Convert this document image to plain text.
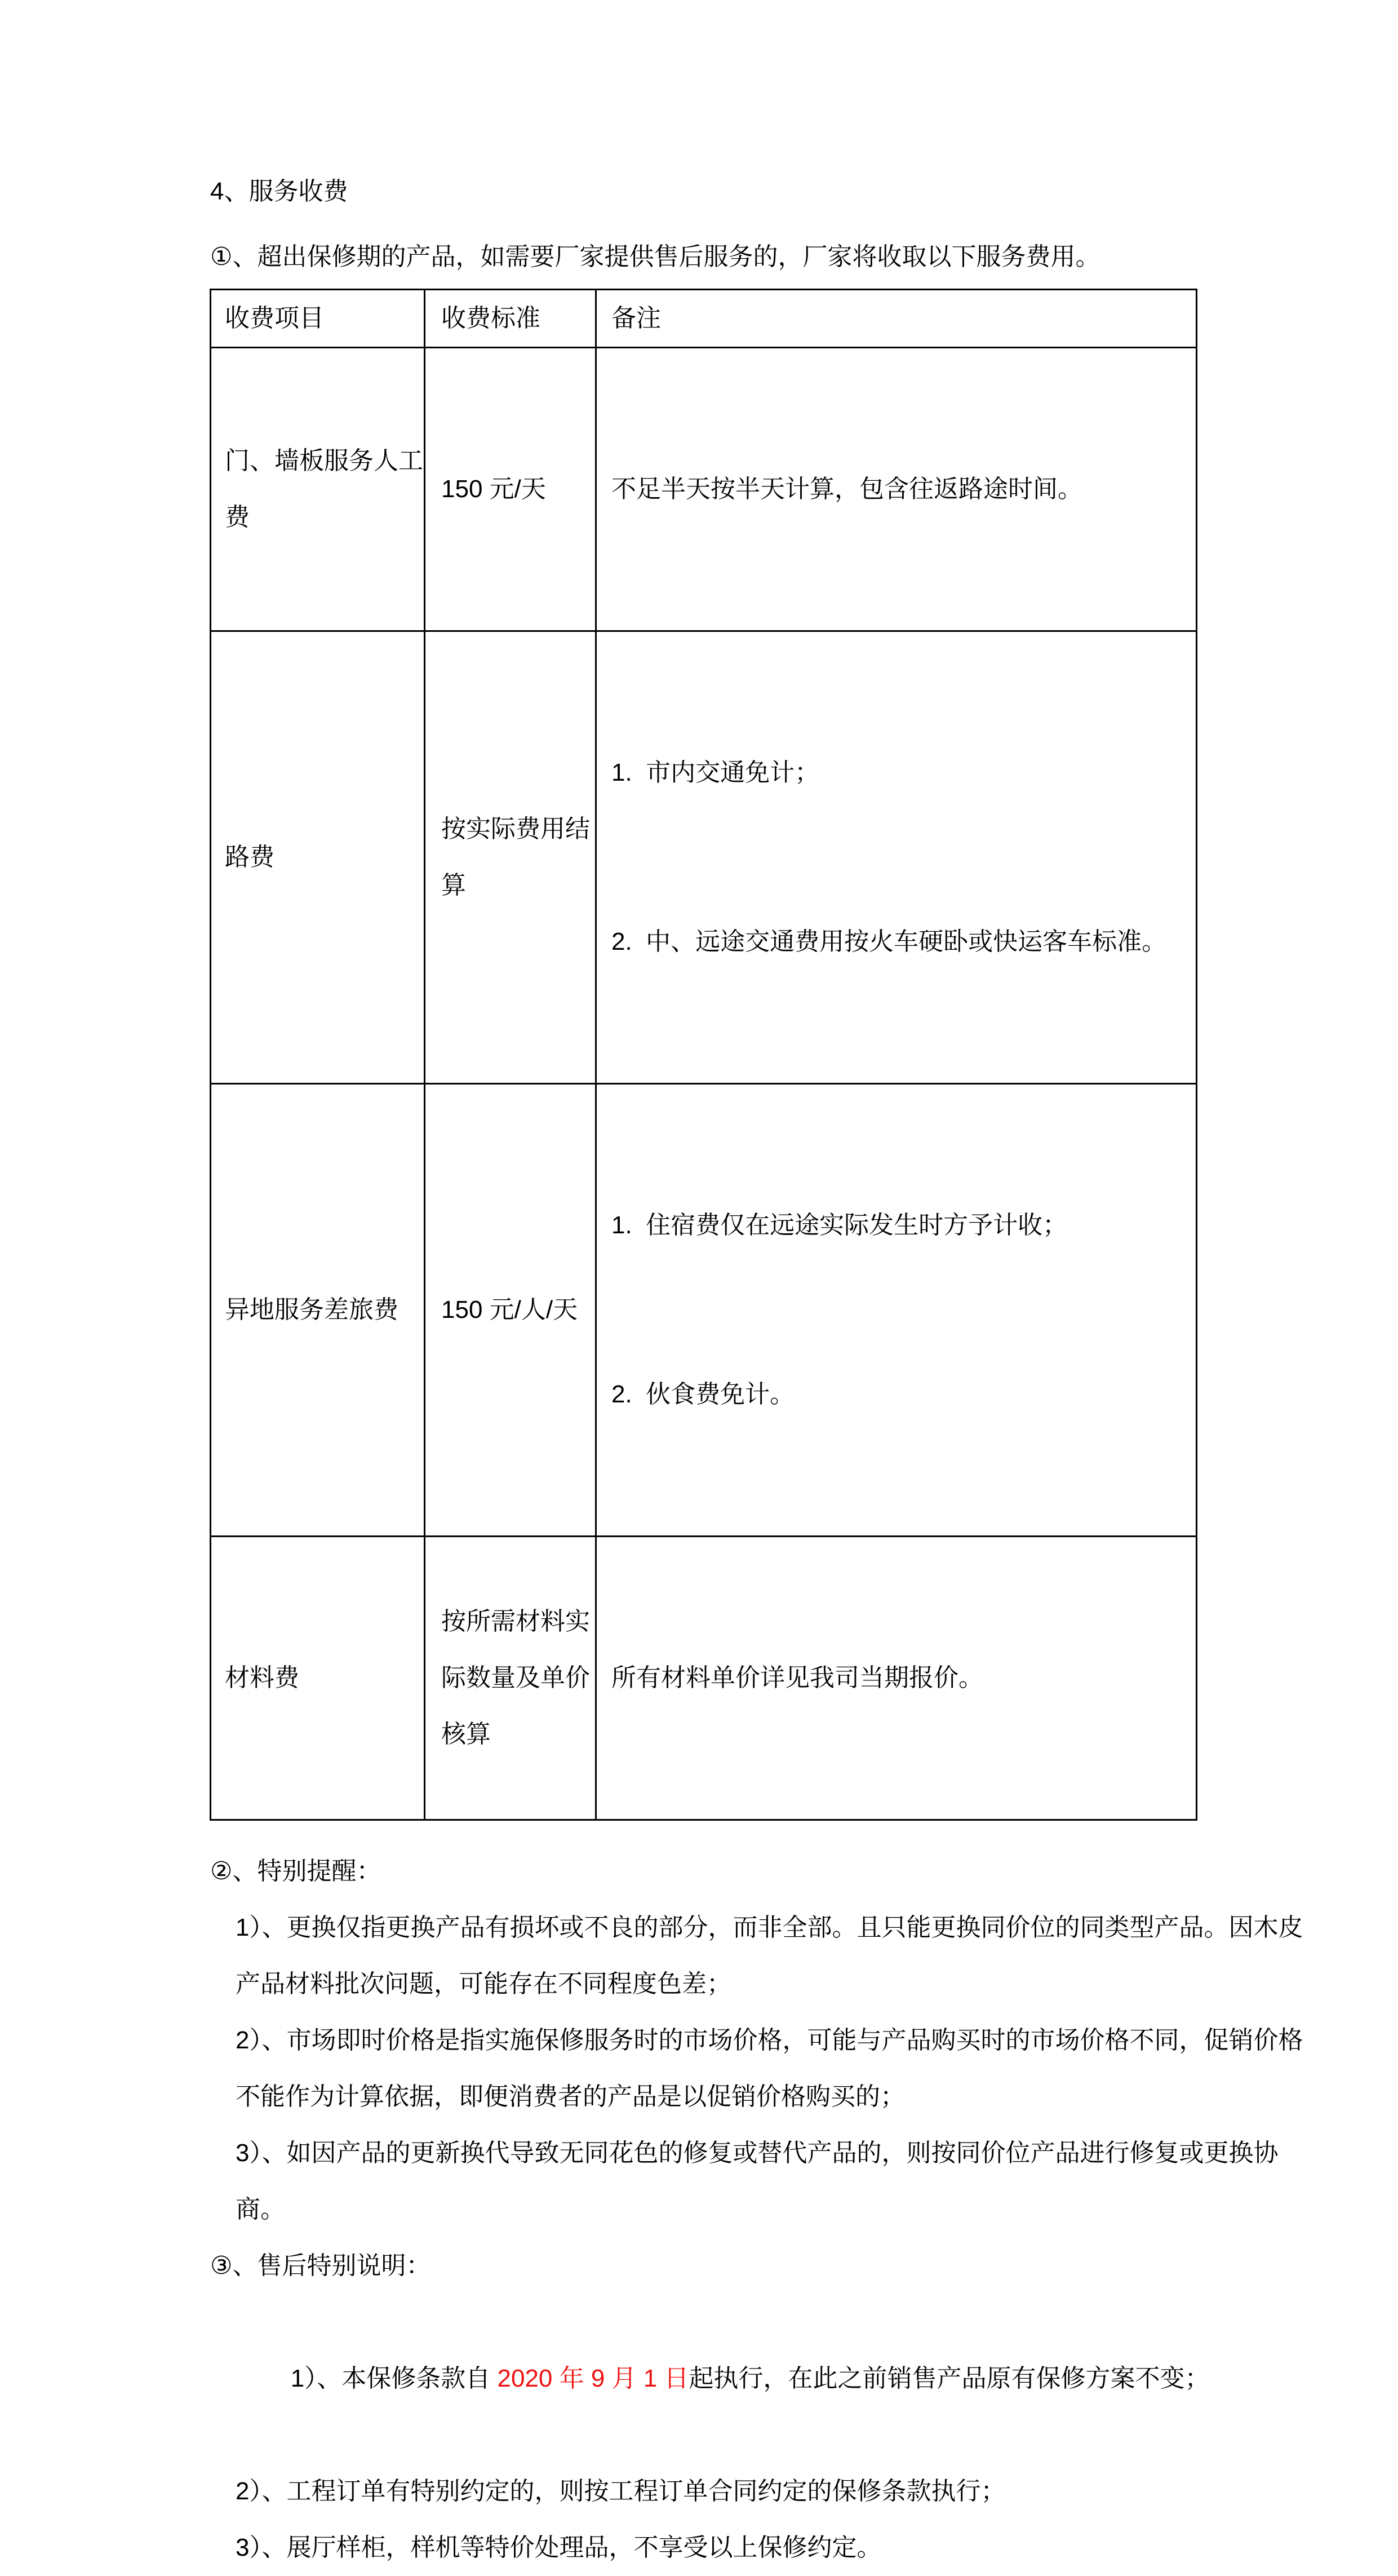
4、服务收费
①、超出保修期的产品，如需要厂家提供售后服务的，厂家将收取以下服务费用。
收费项目	收费标准	备注
门、墙板服务人工费	150 元/天	不足半天按半天计算，包含往返路途时间。

路费	按实际费用结算	1.  市内交通免计；

2.  中、远途交通费用按火车硬卧或快运客车标准。

异地服务差旅费	150 元/人/天	1.  住宿费仅在远途实际发生时方予计收；

2.  伙食费免计。

材料费	按所需材料实际数量及单价核算	所有材料单价详见我司当期报价。

②、特别提醒：
1）、更换仅指更换产品有损坏或不良的部分，而非全部。且只能更换同价位的同类型产品。因木皮
产品材料批次问题，可能存在不同程度色差；
2）、市场即时价格是指实施保修服务时的市场价格，可能与产品购买时的市场价格不同，促销价格
不能作为计算依据，即便消费者的产品是以促销价格购买的；
3）、如因产品的更新换代导致无同花色的修复或替代产品的，则按同价位产品进行修复或更换协商。
③、售后特别说明：

1）、本保修条款自 2020 年 9 月 1 日起执行，在此之前销售产品原有保修方案不变；

2）、工程订单有特别约定的，则按工程订单合同约定的保修条款执行；
3）、展厅样柜，样机等特价处理品，不享受以上保修约定。
